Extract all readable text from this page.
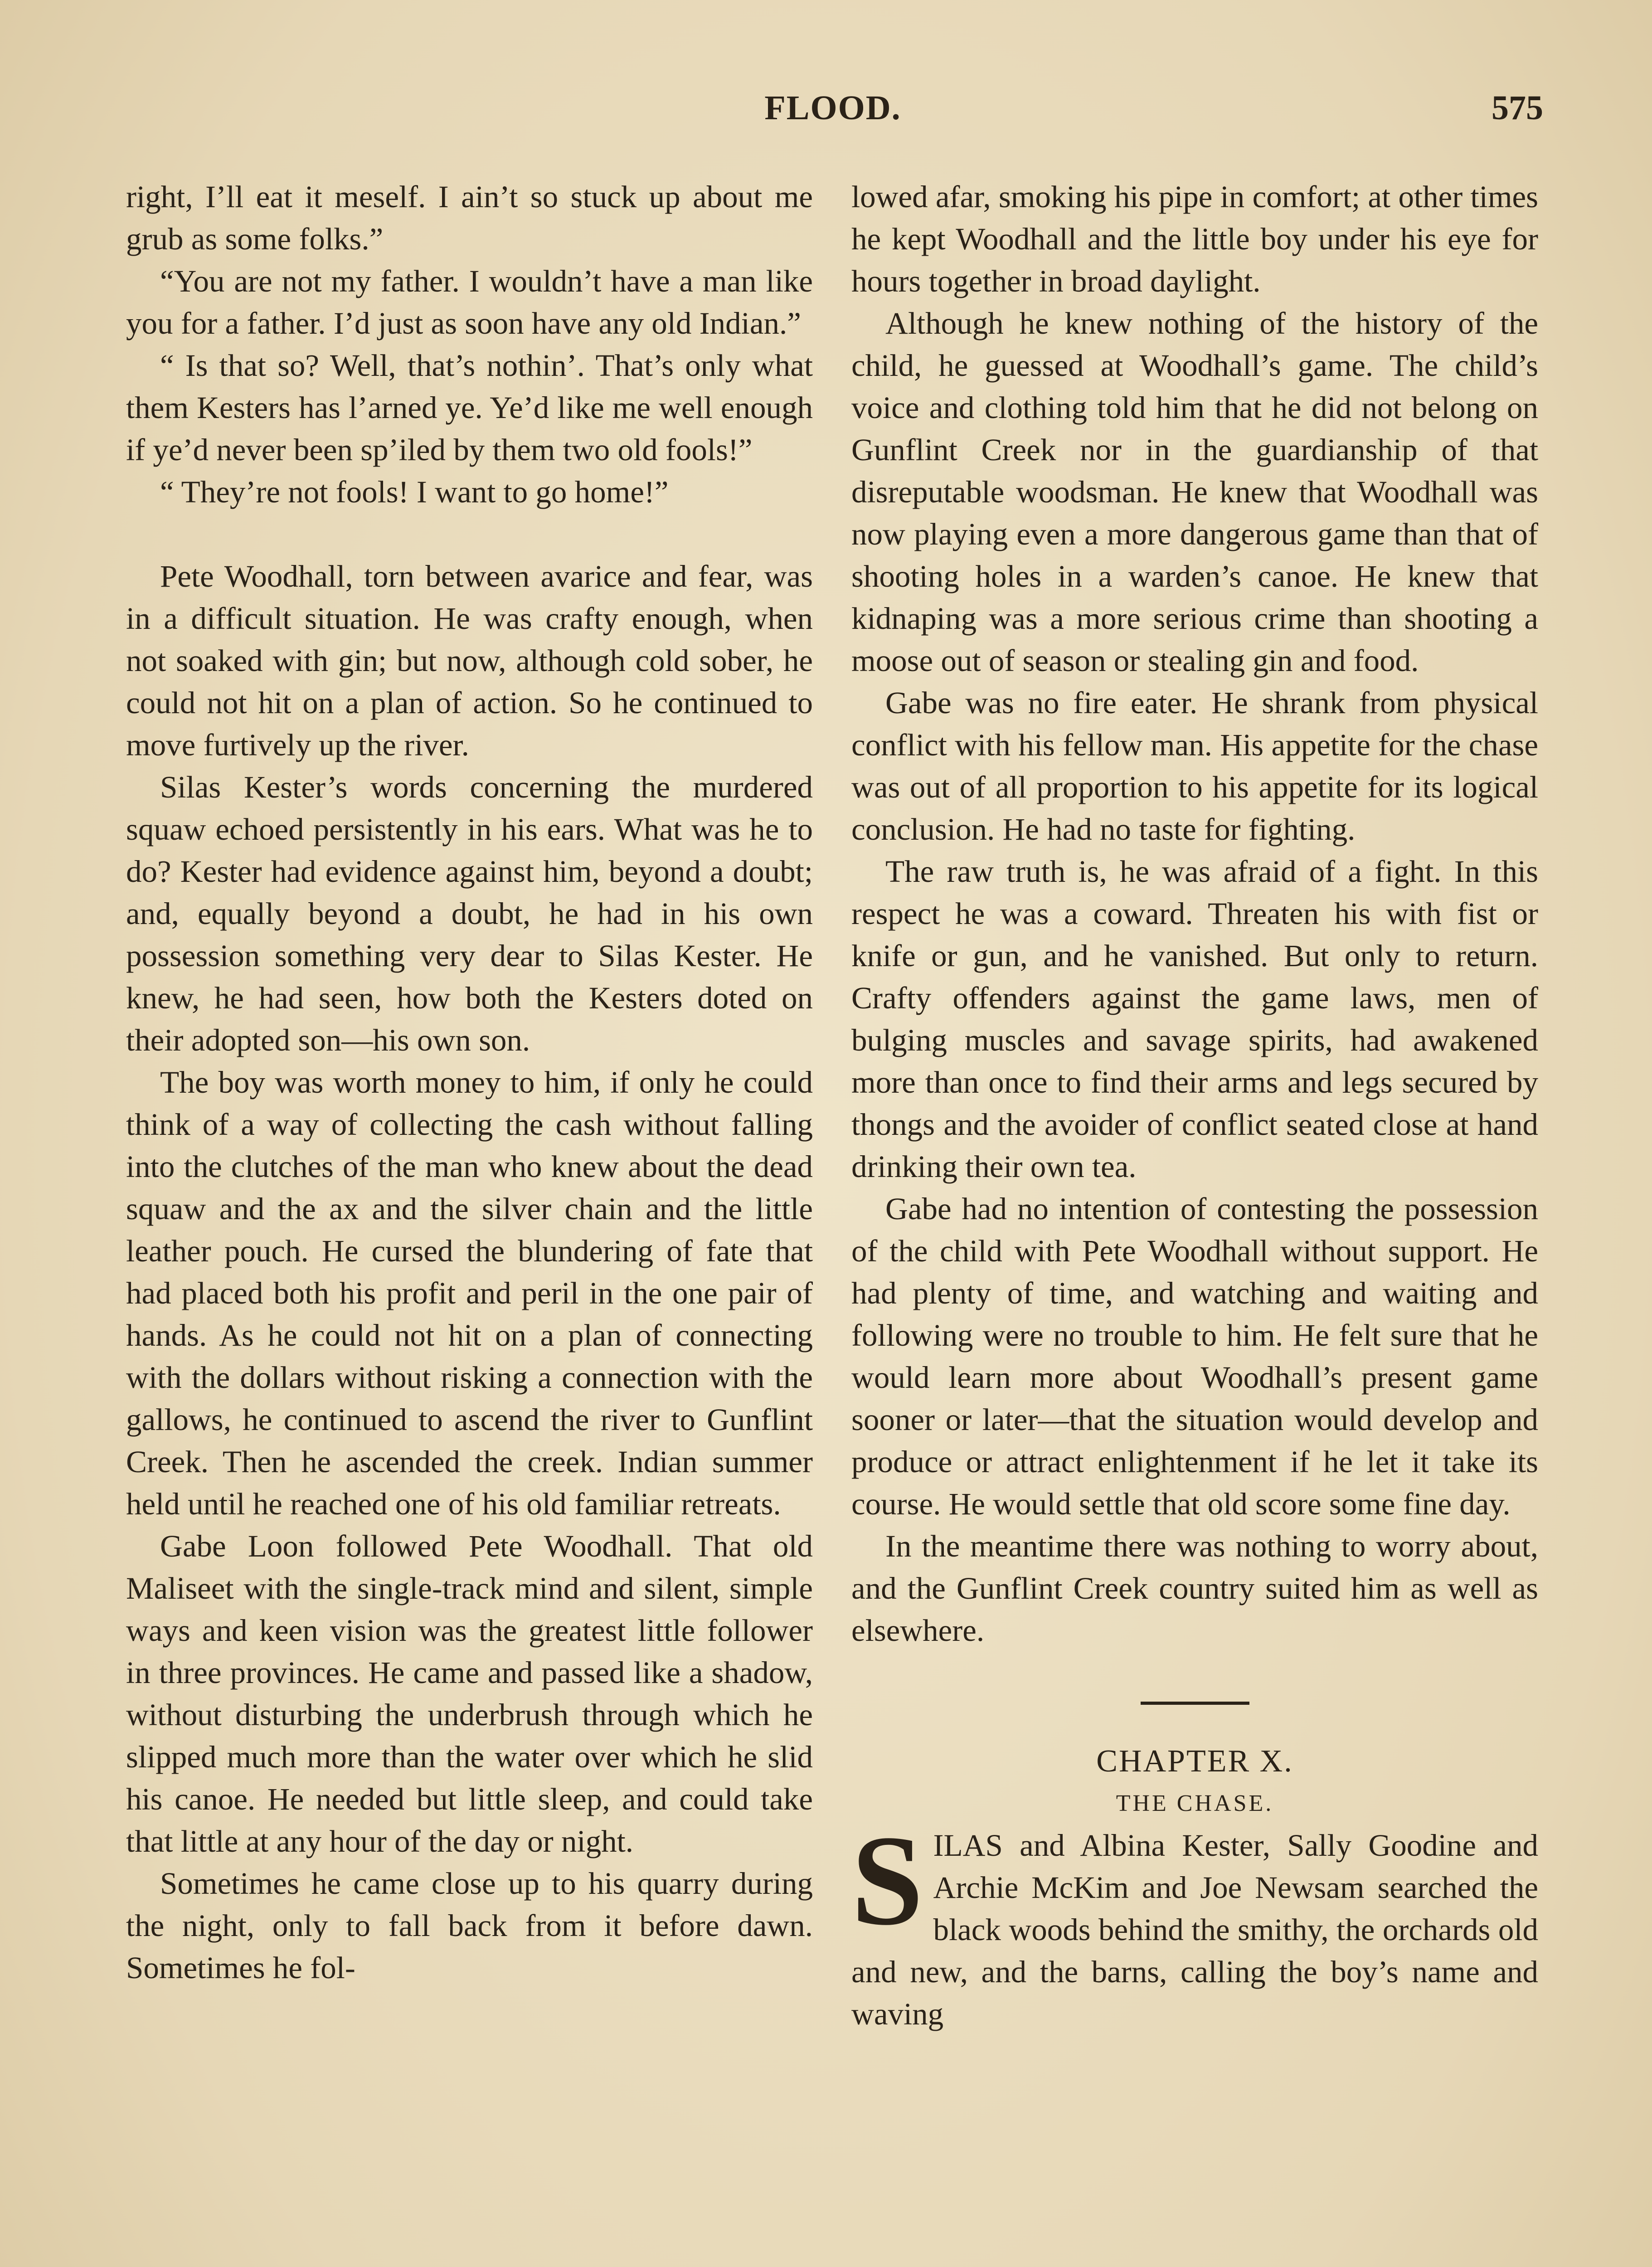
FLOOD.	575

right, I’ll eat it meself. I ain’t so stuck up about me grub as some folks.”

“You are not my father. I wouldn’t have a man like you for a father. I’d just as soon have any old Indian.”

“ Is that so? Well, that’s nothin’. That’s only what them Kesters has l’arned ye. Ye’d like me well enough if ye’d never been sp’iled by them two old fools!”

“ They’re not fools! I want to go home!”

Pete Woodhall, torn between avarice and fear, was in a difficult situation. He was crafty enough, when not soaked with gin; but now, although cold sober, he could not hit on a plan of action. So he continued to move furtively up the river.

Silas Kester’s words concerning the murdered squaw echoed persistently in his ears. What was he to do? Kester had evidence against him, beyond a doubt; and, equally beyond a doubt, he had in his own possession something very dear to Silas Kester. He knew, he had seen, how both the Kesters doted on their adopted son—his own son.

The boy was worth money to him, if only he could think of a way of collecting the cash without falling into the clutches of the man who knew about the dead squaw and the ax and the silver chain and the little leather pouch. He cursed the blundering of fate that had placed both his profit and peril in the one pair of hands. As he could not hit on a plan of connecting with the dollars without risking a connection with the gallows, he continued to ascend the river to Gunflint Creek. Then he ascended the creek. Indian summer held until he reached one of his old familiar retreats.

Gabe Loon followed Pete Woodhall. That old Maliseet with the single-track mind and silent, simple ways and keen vision was the greatest little follower in three provinces. He came and passed like a shadow, without disturbing the underbrush through which he slipped much more than the water over which he slid his canoe. He needed but little sleep, and could take that little at any hour of the day or night.

Sometimes he came close up to his quarry during the night, only to fall back from it before dawn. Sometimes he fol-

lowed afar, smoking his pipe in comfort; at other times he kept Woodhall and the little boy under his eye for hours together in broad daylight.

Although he knew nothing of the history of the child, he guessed at Woodhall’s game. The child’s voice and clothing told him that he did not belong on Gunflint Creek nor in the guardianship of that disreputable woodsman. He knew that Woodhall was now playing even a more dangerous game than that of shooting holes in a warden’s canoe. He knew that kidnaping was a more serious crime than shooting a moose out of season or stealing gin and food.

Gabe was no fire eater. He shrank from physical conflict with his fellow man. His appetite for the chase was out of all proportion to his appetite for its logical conclusion. He had no taste for fighting.

The raw truth is, he was afraid of a fight. In this respect he was a coward. Threaten his with fist or knife or gun, and he vanished. But only to return. Crafty offenders against the game laws, men of bulging muscles and savage spirits, had awakened more than once to find their arms and legs secured by thongs and the avoider of conflict seated close at hand drinking their own tea.

Gabe had no intention of contesting the possession of the child with Pete Woodhall without support. He had plenty of time, and watching and waiting and following were no trouble to him. He felt sure that he would learn more about Woodhall’s present game sooner or later—that the situation would develop and produce or attract enlightenment if he let it take its course. He would settle that old score some fine day.

In the meantime there was nothing to worry about, and the Gunflint Creek country suited him as well as elsewhere.

CHAPTER X.

THE CHASE.

SILAS and Albina Kester, Sally Goodine and Archie McKim and Joe Newsam searched the black woods behind the smithy, the orchards old and new, and the barns, calling the boy’s name and waving
